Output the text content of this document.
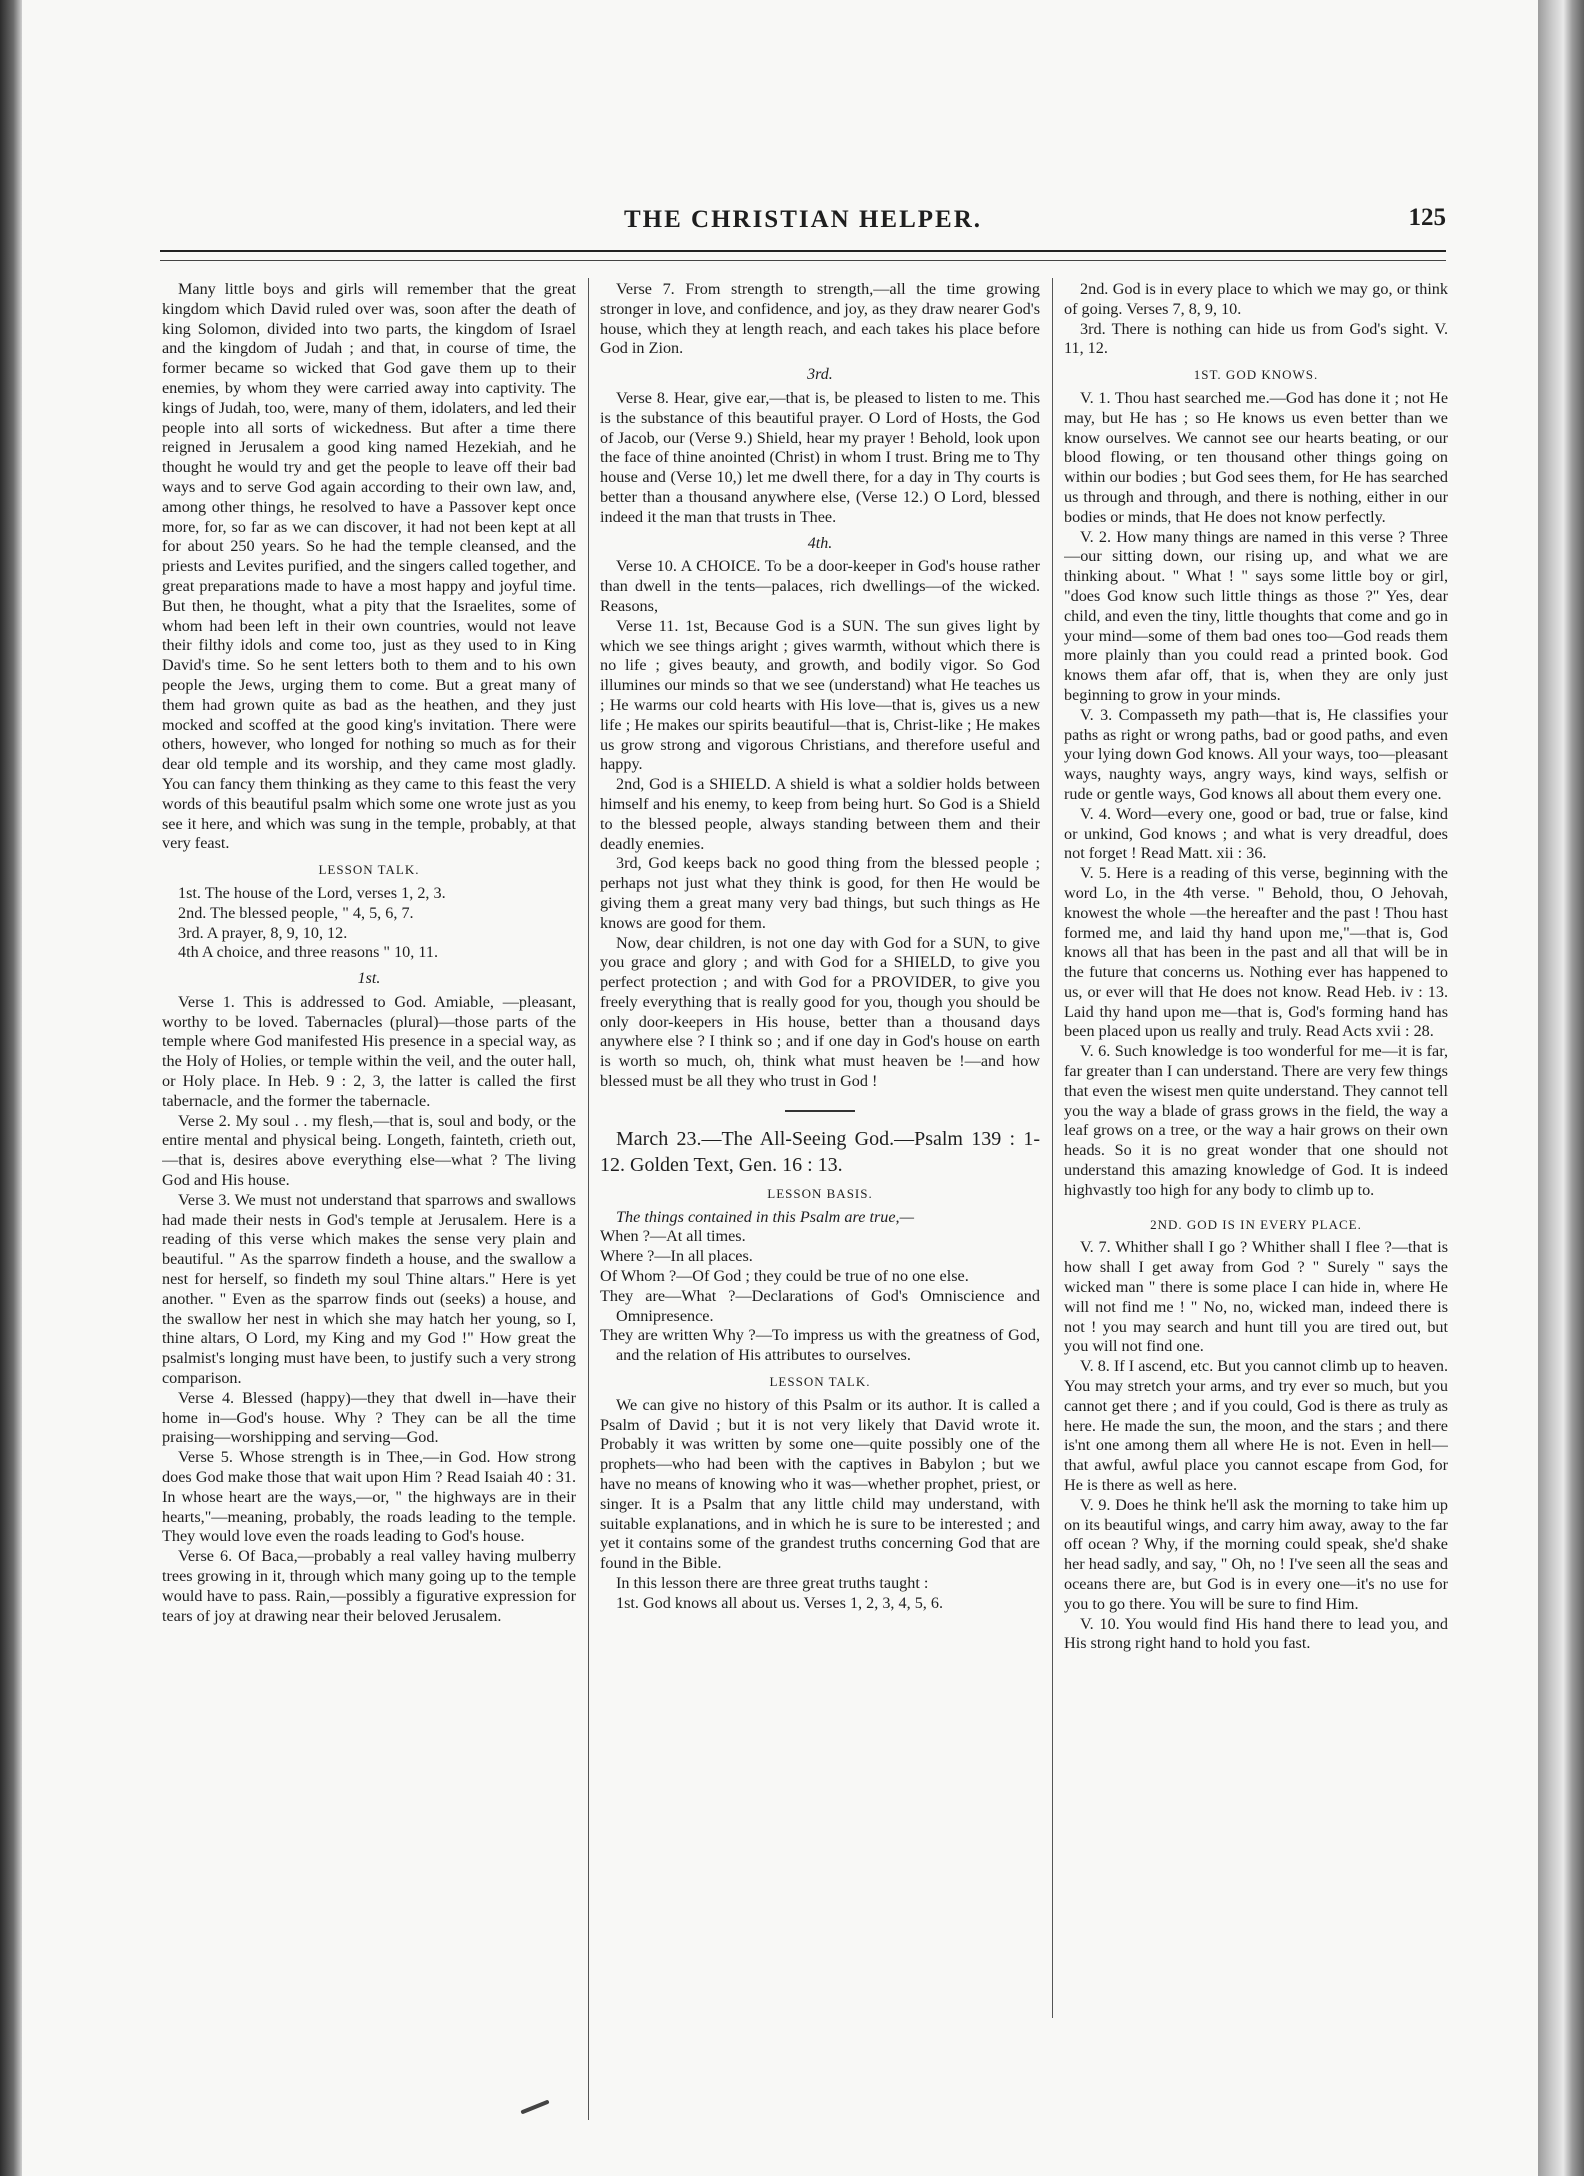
THE CHRISTIAN HELPER.	125

Many little boys and girls will remember that the great kingdom which David ruled over was, soon after the death of king Solomon, divided into two parts, the kingdom of Israel and the kingdom of Judah ; and that, in course of time, the former became so wicked that God gave them up to their enemies, by whom they were carried away into captivity. The kings of Judah, too, were, many of them, idolaters, and led their people into all sorts of wickedness. But after a time there reigned in Jerusalem a good king named Hezekiah, and he thought he would try and get the people to leave off their bad ways and to serve God again according to their own law, and, among other things, he resolved to have a Passover kept once more, for, so far as we can discover, it had not been kept at all for about 250 years. So he had the temple cleansed, and the priests and Levites purified, and the singers called together, and great preparations made to have a most happy and joyful time. But then, he thought, what a pity that the Israelites, some of whom had been left in their own countries, would not leave their filthy idols and come too, just as they used to in King David's time. So he sent letters both to them and to his own people the Jews, urging them to come. But a great many of them had grown quite as bad as the heathen, and they just mocked and scoffed at the good king's invitation. There were others, however, who longed for nothing so much as for their dear old temple and its worship, and they came most gladly. You can fancy them thinking as they came to this feast the very words of this beautiful psalm which some one wrote just as you see it here, and which was sung in the temple, probably, at that very feast.

LESSON TALK.

1st. The house of the Lord, verses 1, 2, 3.

2nd. The blessed people, " 4, 5, 6, 7.

3rd. A prayer, 8, 9, 10, 12.

4th A choice, and three reasons " 10, 11.

1st.

Verse 1. This is addressed to God. Amiable, —pleasant, worthy to be loved. Tabernacles (plural)—those parts of the temple where God manifested His presence in a special way, as the Holy of Holies, or temple within the veil, and the outer hall, or Holy place. In Heb. 9 : 2, 3, the latter is called the first tabernacle, and the former the tabernacle.

Verse 2. My soul . . my flesh,—that is, soul and body, or the entire mental and physical being. Longeth, fainteth, crieth out,—that is, desires above everything else—what ? The living God and His house.

Verse 3. We must not understand that sparrows and swallows had made their nests in God's temple at Jerusalem. Here is a reading of this verse which makes the sense very plain and beautiful. " As the sparrow findeth a house, and the swallow a nest for herself, so findeth my soul Thine altars." Here is yet another. " Even as the sparrow finds out (seeks) a house, and the swallow her nest in which she may hatch her young, so I, thine altars, O Lord, my King and my God !" How great the psalmist's longing must have been, to justify such a very strong comparison.

Verse 4. Blessed (happy)—they that dwell in—have their home in—God's house. Why ? They can be all the time praising—worshipping and serving—God.

Verse 5. Whose strength is in Thee,—in God. How strong does God make those that wait upon Him ? Read Isaiah 40 : 31. In whose heart are the ways,—or, " the highways are in their hearts,"—meaning, probably, the roads leading to the temple. They would love even the roads leading to God's house.

Verse 6. Of Baca,—probably a real valley having mulberry trees growing in it, through which many going up to the temple would have to pass. Rain,—possibly a figurative expression for tears of joy at drawing near their beloved Jerusalem.

Verse 7. From strength to strength,—all the time growing stronger in love, and confidence, and joy, as they draw nearer God's house, which they at length reach, and each takes his place before God in Zion.

3rd.

Verse 8. Hear, give ear,—that is, be pleased to listen to me. This is the substance of this beautiful prayer. O Lord of Hosts, the God of Jacob, our (Verse 9.) Shield, hear my prayer ! Behold, look upon the face of thine anointed (Christ) in whom I trust. Bring me to Thy house and (Verse 10,) let me dwell there, for a day in Thy courts is better than a thousand anywhere else, (Verse 12.) O Lord, blessed indeed it the man that trusts in Thee.

4th.

Verse 10. A CHOICE. To be a door-keeper in God's house rather than dwell in the tents—palaces, rich dwellings—of the wicked. Reasons,

Verse 11. 1st, Because God is a SUN. The sun gives light by which we see things aright ; gives warmth, without which there is no life ; gives beauty, and growth, and bodily vigor. So God illumines our minds so that we see (understand) what He teaches us ; He warms our cold hearts with His love—that is, gives us a new life ; He makes our spirits beautiful—that is, Christ-like ; He makes us grow strong and vigorous Christians, and therefore useful and happy.

2nd, God is a SHIELD. A shield is what a soldier holds between himself and his enemy, to keep from being hurt. So God is a Shield to the blessed people, always standing between them and their deadly enemies.

3rd, God keeps back no good thing from the blessed people ; perhaps not just what they think is good, for then He would be giving them a great many very bad things, but such things as He knows are good for them.

Now, dear children, is not one day with God for a SUN, to give you grace and glory ; and with God for a SHIELD, to give you perfect protection ; and with God for a PROVIDER, to give you freely everything that is really good for you, though you should be only door-keepers in His house, better than a thousand days anywhere else ? I think so ; and if one day in God's house on earth is worth so much, oh, think what must heaven be !—and how blessed must be all they who trust in God !

March 23.—The All-Seeing God.—Psalm 139 : 1-12. Golden Text, Gen. 16 : 13.

LESSON BASIS.

The things contained in this Psalm are true,—

When ?—At all times.

Where ?—In all places.

Of Whom ?—Of God ; they could be true of no one else.

They are—What ?—Declarations of God's Omniscience and Omnipresence.

They are written Why ?—To impress us with the greatness of God, and the relation of His attributes to ourselves.

LESSON TALK.

We can give no history of this Psalm or its author. It is called a Psalm of David ; but it is not very likely that David wrote it. Probably it was written by some one—quite possibly one of the prophets—who had been with the captives in Babylon ; but we have no means of knowing who it was—whether prophet, priest, or singer. It is a Psalm that any little child may understand, with suitable explanations, and in which he is sure to be interested ; and yet it contains some of the grandest truths concerning God that are found in the Bible.

In this lesson there are three great truths taught :

1st. God knows all about us. Verses 1, 2, 3, 4, 5, 6.

2nd. God is in every place to which we may go, or think of going. Verses 7, 8, 9, 10.

3rd. There is nothing can hide us from God's sight. V. 11, 12.

1ST. GOD KNOWS.

V. 1. Thou hast searched me.—God has done it ; not He may, but He has ; so He knows us even better than we know ourselves. We cannot see our hearts beating, or our blood flowing, or ten thousand other things going on within our bodies ; but God sees them, for He has searched us through and through, and there is nothing, either in our bodies or minds, that He does not know perfectly.

V. 2. How many things are named in this verse ? Three—our sitting down, our rising up, and what we are thinking about. " What ! " says some little boy or girl, "does God know such little things as those ?" Yes, dear child, and even the tiny, little thoughts that come and go in your mind—some of them bad ones too—God reads them more plainly than you could read a printed book. God knows them afar off, that is, when they are only just beginning to grow in your minds.

V. 3. Compasseth my path—that is, He classifies your paths as right or wrong paths, bad or good paths, and even your lying down God knows. All your ways, too—pleasant ways, naughty ways, angry ways, kind ways, selfish or rude or gentle ways, God knows all about them every one.

V. 4. Word—every one, good or bad, true or false, kind or unkind, God knows ; and what is very dreadful, does not forget ! Read Matt. xii : 36.

V. 5. Here is a reading of this verse, beginning with the word Lo, in the 4th verse. " Behold, thou, O Jehovah, knowest the whole —the hereafter and the past ! Thou hast formed me, and laid thy hand upon me,"—that is, God knows all that has been in the past and all that will be in the future that concerns us. Nothing ever has happened to us, or ever will that He does not know. Read Heb. iv : 13. Laid thy hand upon me—that is, God's forming hand has been placed upon us really and truly. Read Acts xvii : 28.

V. 6. Such knowledge is too wonderful for me—it is far, far greater than I can understand. There are very few things that even the wisest men quite understand. They cannot tell you the way a blade of grass grows in the field, the way a leaf grows on a tree, or the way a hair grows on their own heads. So it is no great wonder that one should not understand this amazing knowledge of God. It is indeed highvastly too high for any body to climb up to.

2ND. GOD IS IN EVERY PLACE.

V. 7. Whither shall I go ? Whither shall I flee ?—that is how shall I get away from God ? " Surely " says the wicked man " there is some place I can hide in, where He will not find me ! " No, no, wicked man, indeed there is not ! you may search and hunt till you are tired out, but you will not find one.

V. 8. If I ascend, etc. But you cannot climb up to heaven. You may stretch your arms, and try ever so much, but you cannot get there ; and if you could, God is there as truly as here. He made the sun, the moon, and the stars ; and there is'nt one among them all where He is not. Even in hell—that awful, awful place you cannot escape from God, for He is there as well as here.

V. 9. Does he think he'll ask the morning to take him up on its beautiful wings, and carry him away, away to the far off ocean ? Why, if the morning could speak, she'd shake her head sadly, and say, " Oh, no ! I've seen all the seas and oceans there are, but God is in every one—it's no use for you to go there. You will be sure to find Him.

V. 10. You would find His hand there to lead you, and His strong right hand to hold you fast.
